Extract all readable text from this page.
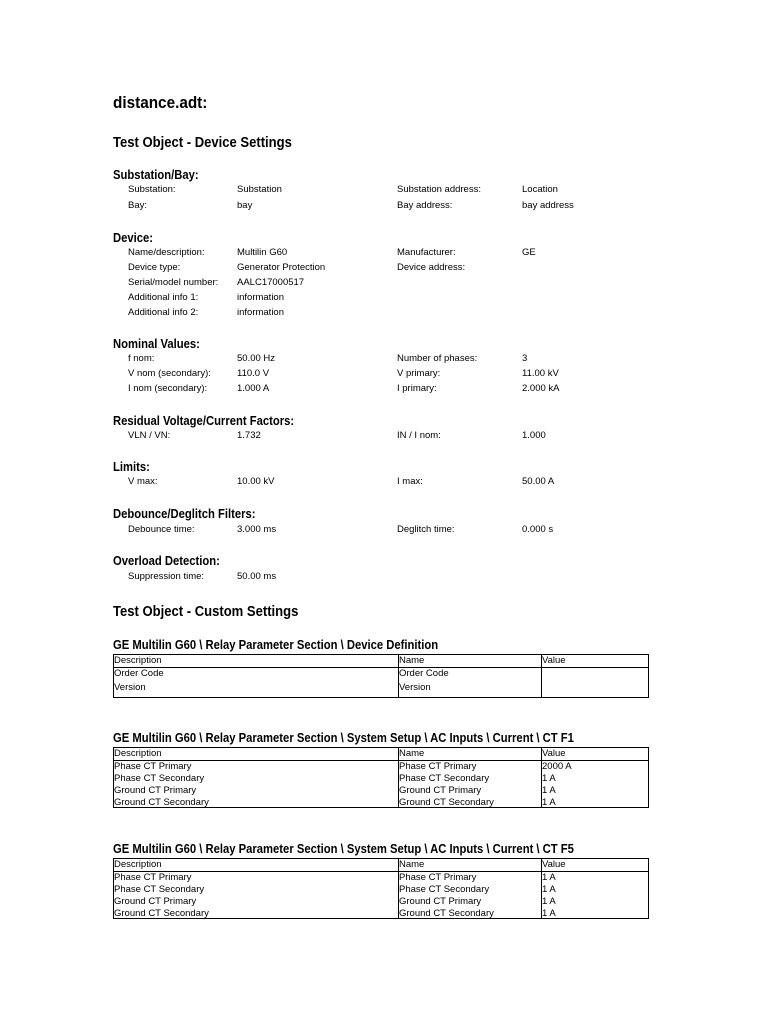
distance.adt:
Test Object - Device Settings
Substation/Bay:
Substation:	Substation	Substation address:	Location
Bay:	bay	Bay address:	bay address
Device:
Name/description:	Multilin G60	Manufacturer:	GE
Device type:	Generator Protection	Device address:
Serial/model number: AALC17000517
Additional info 1:	information
Additional info 2:	information
Nominal Values:
f nom:	50.00 Hz	Number of phases:	3
V nom (secondary):	110.0 V	V primary:	11.00 kV
I nom (secondary):	1.000 A	I primary:	2.000 kA
Residual Voltage/Current Factors:
VLN / VN:	1.732	IN / I nom:	1.000
Limits:
V max:	10.00 kV	I max:	50.00 A
Debounce/Deglitch Filters:
Debounce time:	3.000 ms	Deglitch time:	0.000 s
Overload Detection:
Suppression time:	50.00 ms
Test Object - Custom Settings
GE Multilin G60 \ Relay Parameter Section \ Device Definition
Description	Name	Value
Order Code	Order Code
Version	Version
GE Multilin G60 \ Relay Parameter Section \ System Setup \ AC Inputs \ Current \ CT F1
Description	Name	Value
Phase CT Primary	Phase CT Primary	2000 A
Phase CT Secondary	Phase CT Secondary	1 A
Ground CT Primary	Ground CT Primary	1 A
Ground CT Secondary	Ground CT Secondary	1 A
GE Multilin G60 \ Relay Parameter Section \ System Setup \ AC Inputs \ Current \ CT F5
Description	Name	Value
Phase CT Primary	Phase CT Primary	1 A
Phase CT Secondary	Phase CT Secondary	1 A
Ground CT Primary	Ground CT Primary	1 A
Ground CT Secondary	Ground CT Secondary	1 A
